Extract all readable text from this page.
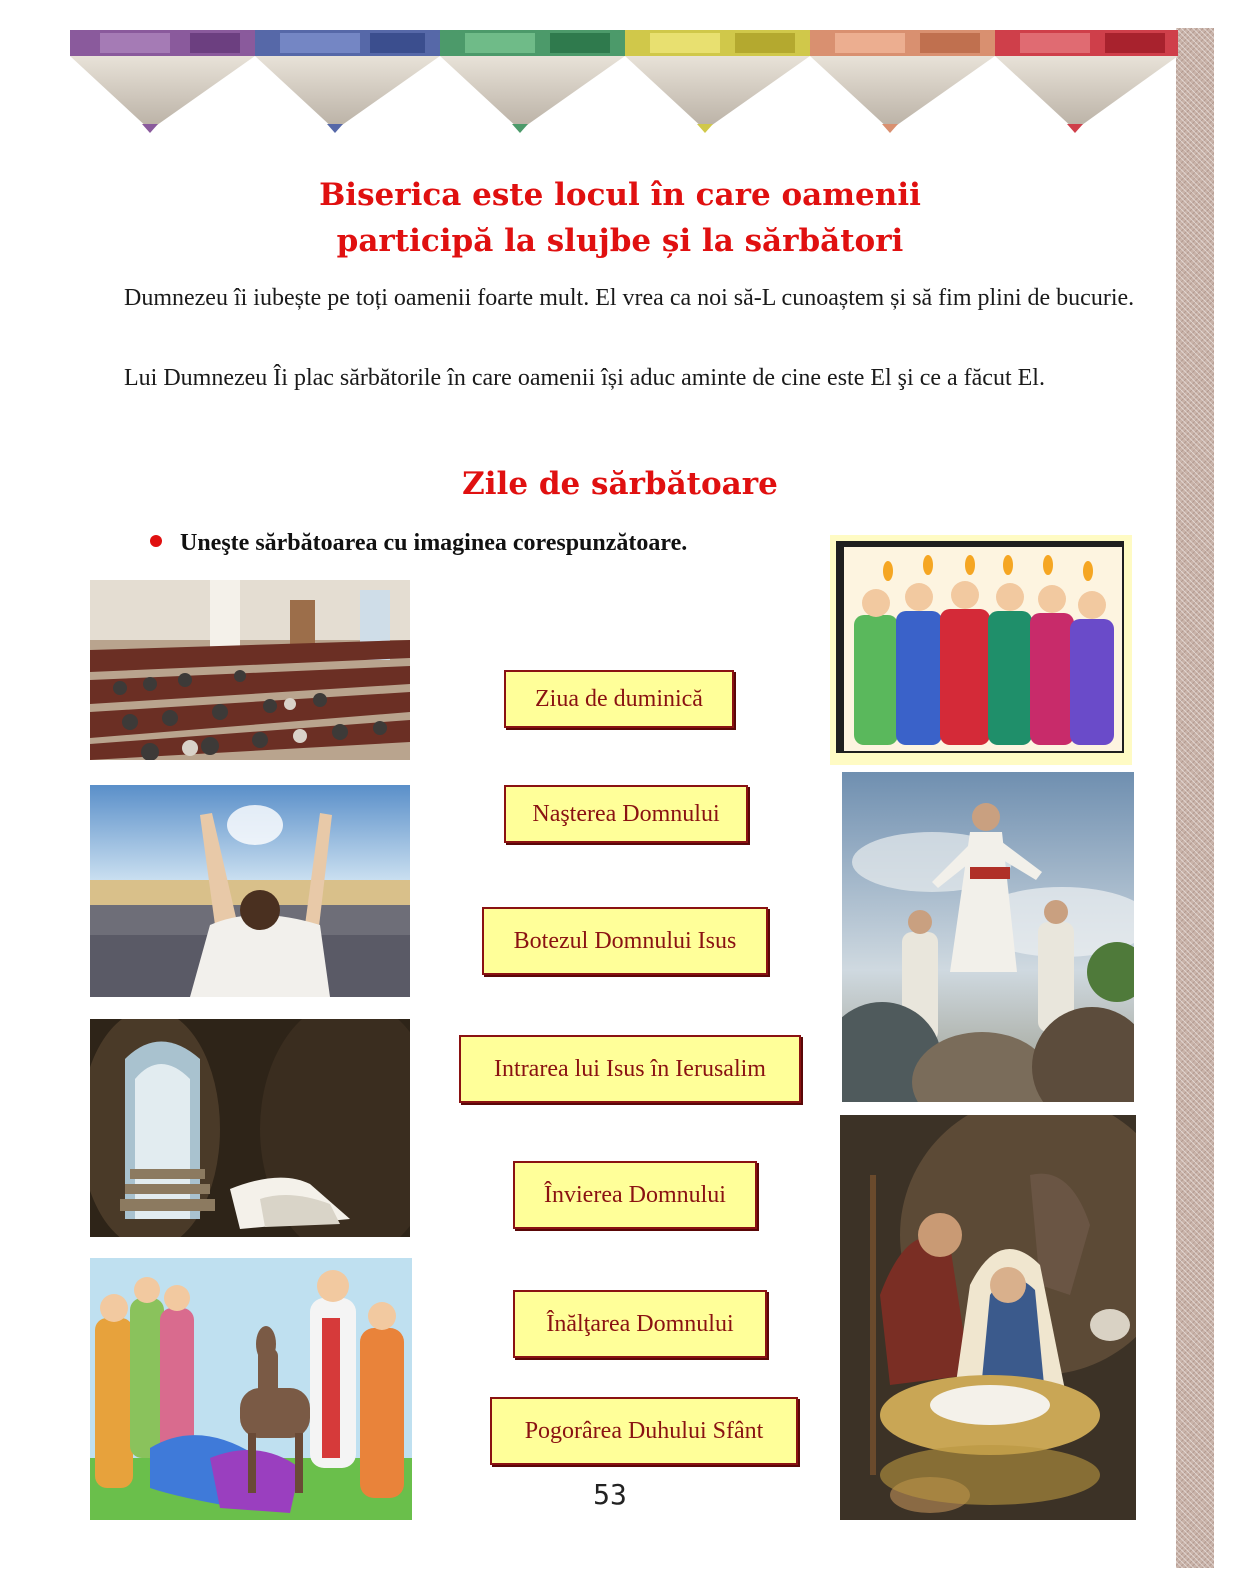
Biserica este locul în care oamenii
participă la slujbe și la sărbători

Dumnezeu îi iubește pe toți oamenii foarte mult. El vrea ca noi să-L cunoaștem și să fim plini de bucurie.

Lui Dumnezeu Îi plac sărbătorile în care oamenii își aduc aminte de cine este El şi ce a făcut El.

Zile de sărbătoare
Uneşte sărbătoarea cu imaginea corespunzătoare.
Ziua de duminică
Naşterea Domnului
Botezul Domnului Isus
Intrarea lui Isus în Ierusalim
Învierea Domnului
Înălţarea Domnului
Pogorârea Duhului Sfânt
53
